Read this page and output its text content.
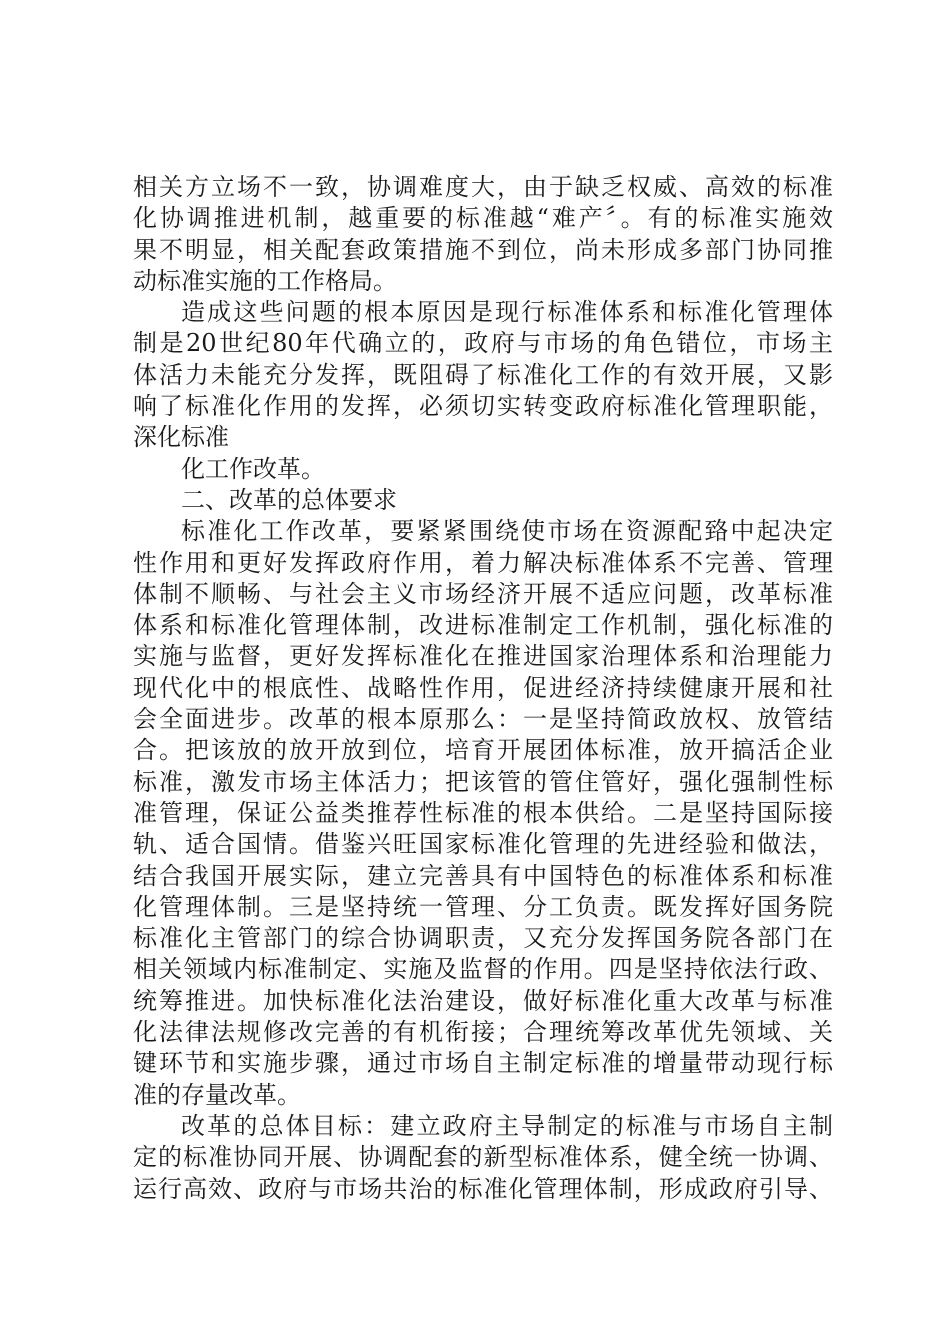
相关方立场不一致，协调难度大，由于缺乏权威、高效的标准
化协调推进机制，越重要的标准越“难产〞。有的标准实施效
果不明显，相关配套政策措施不到位，尚未形成多部门协同推
动标准实施的工作格局。
造成这些问题的根本原因是现行标准体系和标准化管理体
制是20世纪80年代确立的，政府与市场的角色错位，市场主
体活力未能充分发挥，既阻碍了标准化工作的有效开展，又影
响了标准化作用的发挥，必须切实转变政府标准化管理职能，
深化标准
化工作改革。
二、改革的总体要求
标准化工作改革，要紧紧围绕使市场在资源配臵中起决定
性作用和更好发挥政府作用，着力解决标准体系不完善、管理
体制不顺畅、与社会主义市场经济开展不适应问题，改革标准
体系和标准化管理体制，改进标准制定工作机制，强化标准的
实施与监督，更好发挥标准化在推进国家治理体系和治理能力
现代化中的根底性、战略性作用，促进经济持续健康开展和社
会全面进步。改革的根本原那么：一是坚持简政放权、放管结
合。把该放的放开放到位，培育开展团体标准，放开搞活企业
标准，激发市场主体活力；把该管的管住管好，强化强制性标
准管理，保证公益类推荐性标准的根本供给。二是坚持国际接
轨、适合国情。借鉴兴旺国家标准化管理的先进经验和做法，
结合我国开展实际，建立完善具有中国特色的标准体系和标准
化管理体制。三是坚持统一管理、分工负责。既发挥好国务院
标准化主管部门的综合协调职责，又充分发挥国务院各部门在
相关领域内标准制定、实施及监督的作用。四是坚持依法行政、
统筹推进。加快标准化法治建设，做好标准化重大改革与标准
化法律法规修改完善的有机衔接；合理统筹改革优先领域、关
键环节和实施步骤，通过市场自主制定标准的增量带动现行标
准的存量改革。
改革的总体目标：建立政府主导制定的标准与市场自主制
定的标准协同开展、协调配套的新型标准体系，健全统一协调、
运行高效、政府与市场共治的标准化管理体制，形成政府引导、
